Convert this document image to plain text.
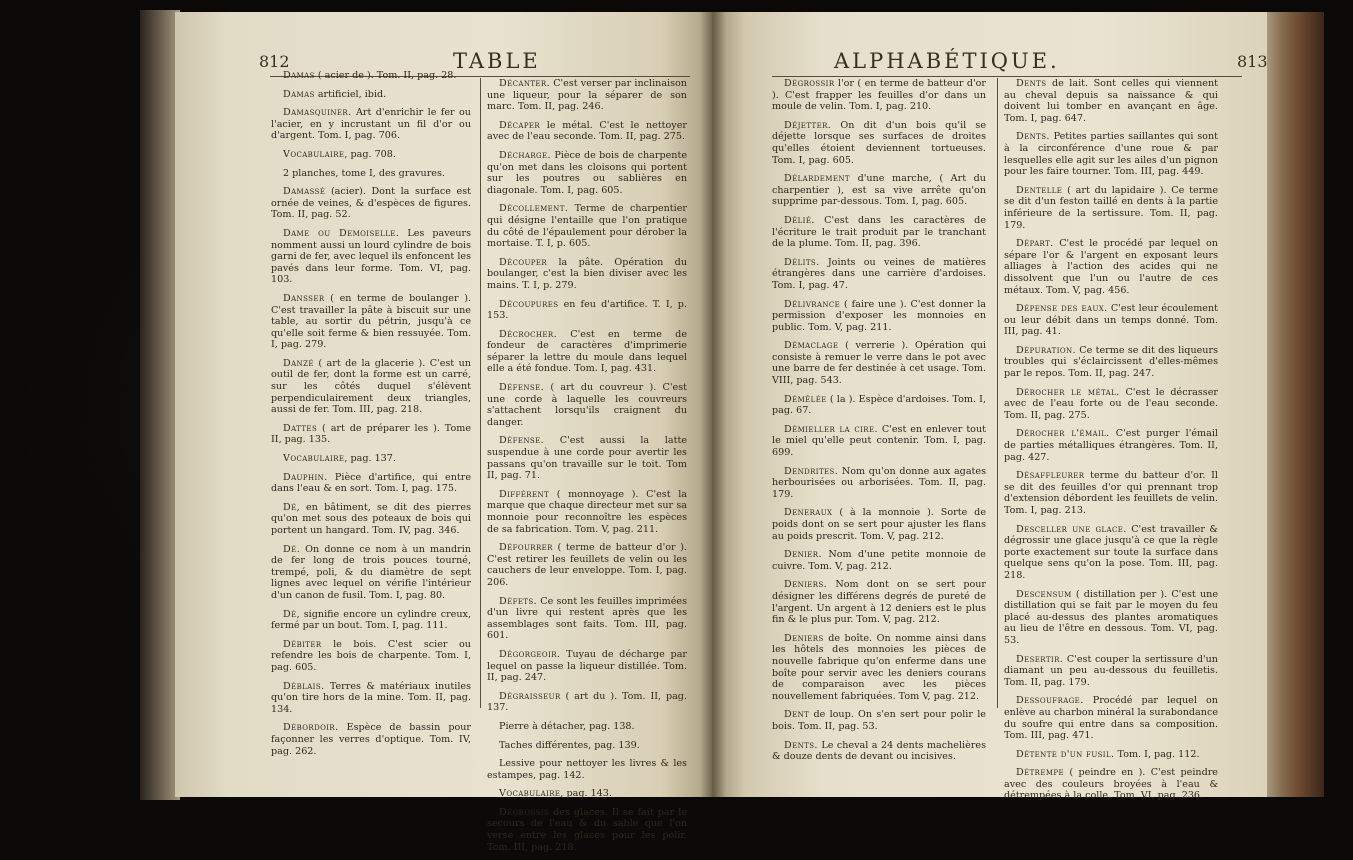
812	TABLE

Damas ( acier de ). Tom. II, pag. 28.

Damas artificiel, ibid.

Damasquiner. Art d'enrichir le fer ou l'acier, en y incrustant un fil d'or ou d'argent. Tom. I, pag. 706.

Vocabulaire, pag. 708.

2 planches, tome I, des gravures.

Damassé (acier). Dont la surface est ornée de veines, & d'espèces de figures. Tom. II, pag. 52.

Dame ou Demoiselle. Les paveurs nomment aussi un lourd cylindre de bois garni de fer, avec lequel ils enfoncent les pavés dans leur forme. Tom. VI, pag. 103.

Dansser ( en terme de boulanger ). C'est travailler la pâte à biscuit sur une table, au sortir du pétrin, jusqu'à ce qu'elle soit ferme & bien ressuyée. Tom. I, pag. 279.

Danzé ( art de la glacerie ). C'est un outil de fer, dont la forme est un carré, sur les côtés duquel s'élèvent perpendiculairement deux triangles, aussi de fer. Tom. III, pag. 218.

Dattes ( art de préparer les ). Tome II, pag. 135.

Vocabulaire, pag. 137.

Dauphin. Pièce d'artifice, qui entre dans l'eau & en sort. Tom. I, pag. 175.

Dé, en bâtiment, se dit des pierres qu'on met sous des poteaux de bois qui portent un hangard. Tom. IV, pag. 346.

Dé. On donne ce nom à un mandrin de fer long de trois pouces tourné, trempé, poli, & du diamètre de sept lignes avec lequel on vérifie l'intérieur d'un canon de fusil. Tom. I, pag. 80.

Dé, signifie encore un cylindre creux, fermé par un bout. Tom. I, pag. 111.

Débiter le bois. C'est scier ou refendre les bois de charpente. Tom. I, pag. 605.

Déblais. Terres & matériaux inutiles qu'on tire hors de la mine. Tom. II, pag. 134.

Débordoir. Espèce de bassin pour façonner les verres d'optique. Tom. IV, pag. 262.

Décanter. C'est verser par inclinaison une liqueur, pour la séparer de son marc. Tom. II, pag. 246.

Décaper le métal. C'est le nettoyer avec de l'eau seconde. Tom. II, pag. 275.

Décharge. Pièce de bois de charpente qu'on met dans les cloisons qui portent sur les poutres ou sablières en diagonale. Tom. I, pag. 605.

Décollement. Terme de charpentier qui désigne l'entaille que l'on pratique du côté de l'épaulement pour dérober la mortaise. T. I, p. 605.

Découper la pâte. Opération du boulanger, c'est la bien diviser avec les mains. T. I, p. 279.

Découpures en feu d'artifice. T. I, p. 153.

Décrocher. C'est en terme de fondeur de caractères d'imprimerie séparer la lettre du moule dans lequel elle a été fondue. Tom. I, pag. 431.

Défense. ( art du couvreur ). C'est une corde à laquelle les couvreurs s'attachent lorsqu'ils craignent du danger.

Défense. C'est aussi la latte suspendue à une corde pour avertir les passans qu'on travaille sur le toit. Tom II, pag. 71.

Différent ( monnoyage ). C'est la marque que chaque directeur met sur sa monnoie pour reconnoître les espèces de sa fabrication. Tom. V, pag. 211.

Défourrer ( terme de batteur d'or ). C'est retirer les feuillets de velin ou les cauchers de leur enveloppe. Tom. I, pag. 206.

Défets. Ce sont les feuilles imprimées d'un livre qui restent après que les assemblages sont faits. Tom. III, pag. 601.

Dégorgeoir. Tuyau de décharge par lequel on passe la liqueur distillée. Tom. II, pag. 247.

Dégraisseur ( art du ). Tom. II, pag. 137.

Pierre à détacher, pag. 138.

Taches différentes, pag. 139.

Lessive pour nettoyer les livres & les estampes, pag. 142.

Vocabulaire, pag. 143.

Dégrossis des glaces. Il se fait par le secours de l'eau & du sable que l'on verse entre les glaces pour les polir. Tom. III, pag. 218.

ALPHABÉTIQUE.	813

Dégrossir l'or ( en terme de batteur d'or ). C'est frapper les feuilles d'or dans un moule de velin. Tom. I, pag. 210.

Déjetter. On dit d'un bois qu'il se déjette lorsque ses surfaces de droites qu'elles étoient deviennent tortueuses. Tom. I, pag. 605.

Délardement d'une marche, ( Art du charpentier ), est sa vive arrête qu'on supprime par-dessous. Tom. I, pag. 605.

Délié. C'est dans les caractères de l'écriture le trait produit par le tranchant de la plume. Tom. II, pag. 396.

Délits. Joints ou veines de matières étrangères dans une carrière d'ardoises. Tom. I, pag. 47.

Délivrance ( faire une ). C'est donner la permission d'exposer les monnoies en public. Tom. V, pag. 211.

Démaclage ( verrerie ). Opération qui consiste à remuer le verre dans le pot avec une barre de fer destinée à cet usage. Tom. VIII, pag. 543.

Démêlée ( la ). Espèce d'ardoises. Tom. I, pag. 67.

Démieller la cire. C'est en enlever tout le miel qu'elle peut contenir. Tom. I, pag. 699.

Dendrites. Nom qu'on donne aux agates herbourisées ou arborisées. Tom. II, pag. 179.

Deneraux ( à la monnoie ). Sorte de poids dont on se sert pour ajuster les flans au poids prescrit. Tom. V, pag. 212.

Denier. Nom d'une petite monnoie de cuivre. Tom. V, pag. 212.

Deniers. Nom dont on se sert pour désigner les différens degrés de pureté de l'argent. Un argent à 12 deniers est le plus fin & le plus pur. Tom. V, pag. 212.

Deniers de boîte. On nomme ainsi dans les hôtels des monnoies les pièces de nouvelle fabrique qu'on enferme dans une boîte pour servir avec les deniers courans de comparaison avec les pièces nouvellement fabriquées. Tom V, pag. 212.

Dent de loup. On s'en sert pour polir le bois. Tom. II, pag. 53.

Dents. Le cheval a 24 dents machelières & douze dents de devant ou incisives.

Dents de lait. Sont celles qui viennent au cheval depuis sa naissance & qui doivent lui tomber en avançant en âge. Tom. I, pag. 647.

Dents. Petites parties saillantes qui sont à la circonférence d'une roue & par lesquelles elle agit sur les ailes d'un pignon pour les faire tourner. Tom. III, pag. 449.

Dentelle ( art du lapidaire ). Ce terme se dit d'un feston taillé en dents à la partie inférieure de la sertissure. Tom. II, pag. 179.

Départ. C'est le procédé par lequel on sépare l'or & l'argent en exposant leurs alliages à l'action des acides qui ne dissolvent que l'un ou l'autre de ces métaux. Tom. V, pag. 456.

Dépense des eaux. C'est leur écoulement ou leur débit dans un temps donné. Tom. III, pag. 41.

Dépuration. Ce terme se dit des liqueurs troubles qui s'éclaircissent d'elles-mêmes par le repos. Tom. II, pag. 247.

Dérocher le métal. C'est le décrasser avec de l'eau forte ou de l'eau seconde. Tom. II, pag. 275.

Dérocher l'émail. C'est purger l'émail de parties métalliques étrangères. Tom. II, pag. 427.

Désaffleurer terme du batteur d'or. Il se dit des feuilles d'or qui prennant trop d'extension débordent les feuillets de velin. Tom. I, pag. 213.

Desceller une glace. C'est travailler & dégrossir une glace jusqu'à ce que la règle porte exactement sur toute la surface dans quelque sens qu'on la pose. Tom. III, pag. 218.

Descensum ( distillation per ). C'est une distillation qui se fait par le moyen du feu placé au-dessus des plantes aromatiques au lieu de l'être en dessous. Tom. VI, pag. 53.

Desertir. C'est couper la sertissure d'un diamant un peu au-dessous du feuilletis. Tom. II, pag. 179.

Dessoufrage. Procédé par lequel on enlève au charbon minéral la surabondance du soufre qui entre dans sa composition. Tom. III, pag. 471.

Détente d'un fusil. Tom. I, pag. 112.

Détrempe ( peindre en ). C'est peindre avec des couleurs broyées à l'eau & détrempées à la colle. Tom. VI, pag. 236.
